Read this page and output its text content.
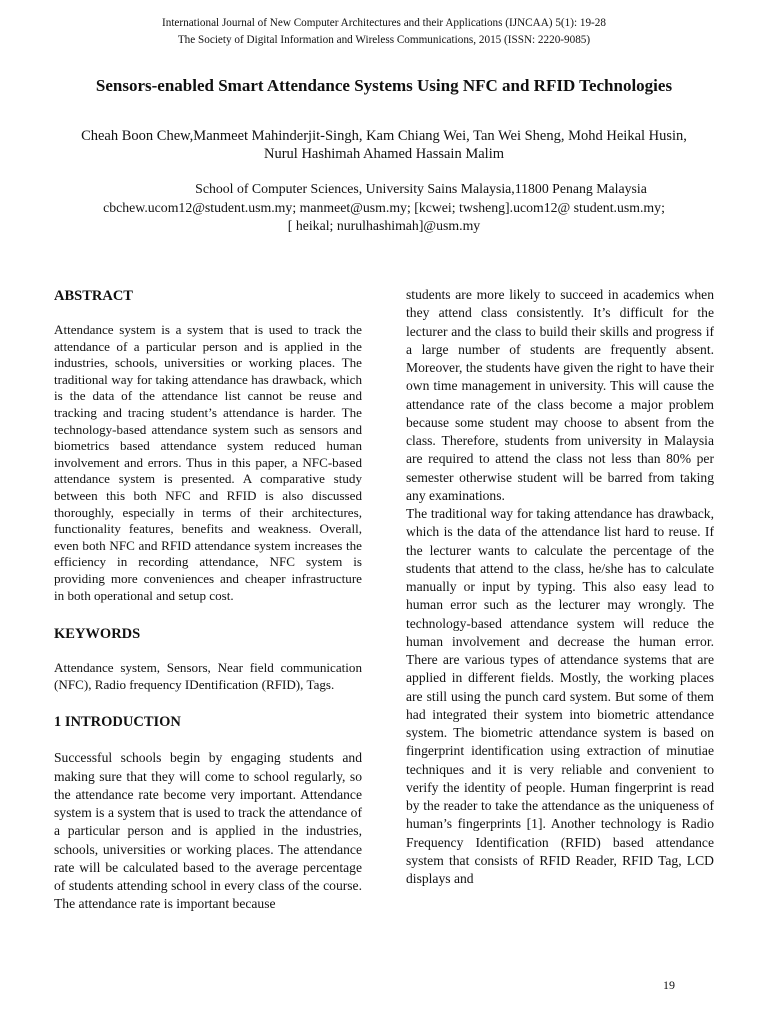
International Journal of New Computer Architectures and their Applications (IJNCAA) 5(1): 19-28
The Society of Digital Information and Wireless Communications, 2015 (ISSN: 2220-9085)
Sensors-enabled Smart Attendance Systems Using NFC and RFID Technologies
Cheah Boon Chew,Manmeet Mahinderjit-Singh, Kam Chiang Wei, Tan Wei Sheng, Mohd Heikal Husin,
Nurul Hashimah Ahamed Hassain Malim
School of Computer Sciences, University Sains Malaysia,11800 Penang Malaysia
cbchew.ucom12@student.usm.my; manmeet@usm.my; [kcwei; twsheng].ucom12@ student.usm.my;
[ heikal; nurulhashimah]@usm.my
ABSTRACT

Attendance system is a system that is used to track the attendance of a particular person and is applied in the industries, schools, universities or working places. The traditional way for taking attendance has drawback, which is the data of the attendance list cannot be reuse and tracking and tracing student’s attendance is harder. The technology-based attendance system such as sensors and biometrics based attendance system reduced human involvement and errors. Thus in this paper, a NFC-based attendance system is presented. A comparative study between this both NFC and RFID is also discussed thoroughly, especially in terms of their architectures, functionality features, benefits and weakness. Overall, even both NFC and RFID attendance system increases the efficiency in recording attendance, NFC system is providing more conveniences and cheaper infrastructure in both operational and setup cost.

KEYWORDS

Attendance system, Sensors, Near field communication (NFC), Radio frequency IDentification (RFID), Tags.

1 INTRODUCTION

Successful schools begin by engaging students and making sure that they will come to school regularly, so the attendance rate become very important. Attendance system is a system that is used to track the attendance of a particular person and is applied in the industries, schools, universities or working places. The attendance rate will be calculated based to the average percentage of students attending school in every class of the course. The attendance rate is important because

students are more likely to succeed in academics when they attend class consistently. It’s difficult for the lecturer and the class to build their skills and progress if a large number of students are frequently absent. Moreover, the students have given the right to have their own time management in university. This will cause the attendance rate of the class become a major problem because some student may choose to absent from the class. Therefore, students from university in Malaysia are required to attend the class not less than 80% per semester otherwise student will be barred from taking any examinations.

The traditional way for taking attendance has drawback, which is the data of the attendance list hard to reuse. If the lecturer wants to calculate the percentage of the students that attend to the class, he/she has to calculate manually or input by typing. This also easy lead to human error such as the lecturer may wrongly. The technology-based attendance system will reduce the human involvement and decrease the human error. There are various types of attendance systems that are applied in different fields. Mostly, the working places are still using the punch card system. But some of them had integrated their system into biometric attendance system. The biometric attendance system is based on fingerprint identification using extraction of minutiae techniques and it is very reliable and convenient to verify the identity of people. Human fingerprint is read by the reader to take the attendance as the uniqueness of human’s fingerprints [1]. Another technology is Radio Frequency Identification (RFID) based attendance system that consists of RFID Reader, RFID Tag, LCD displays and

19
